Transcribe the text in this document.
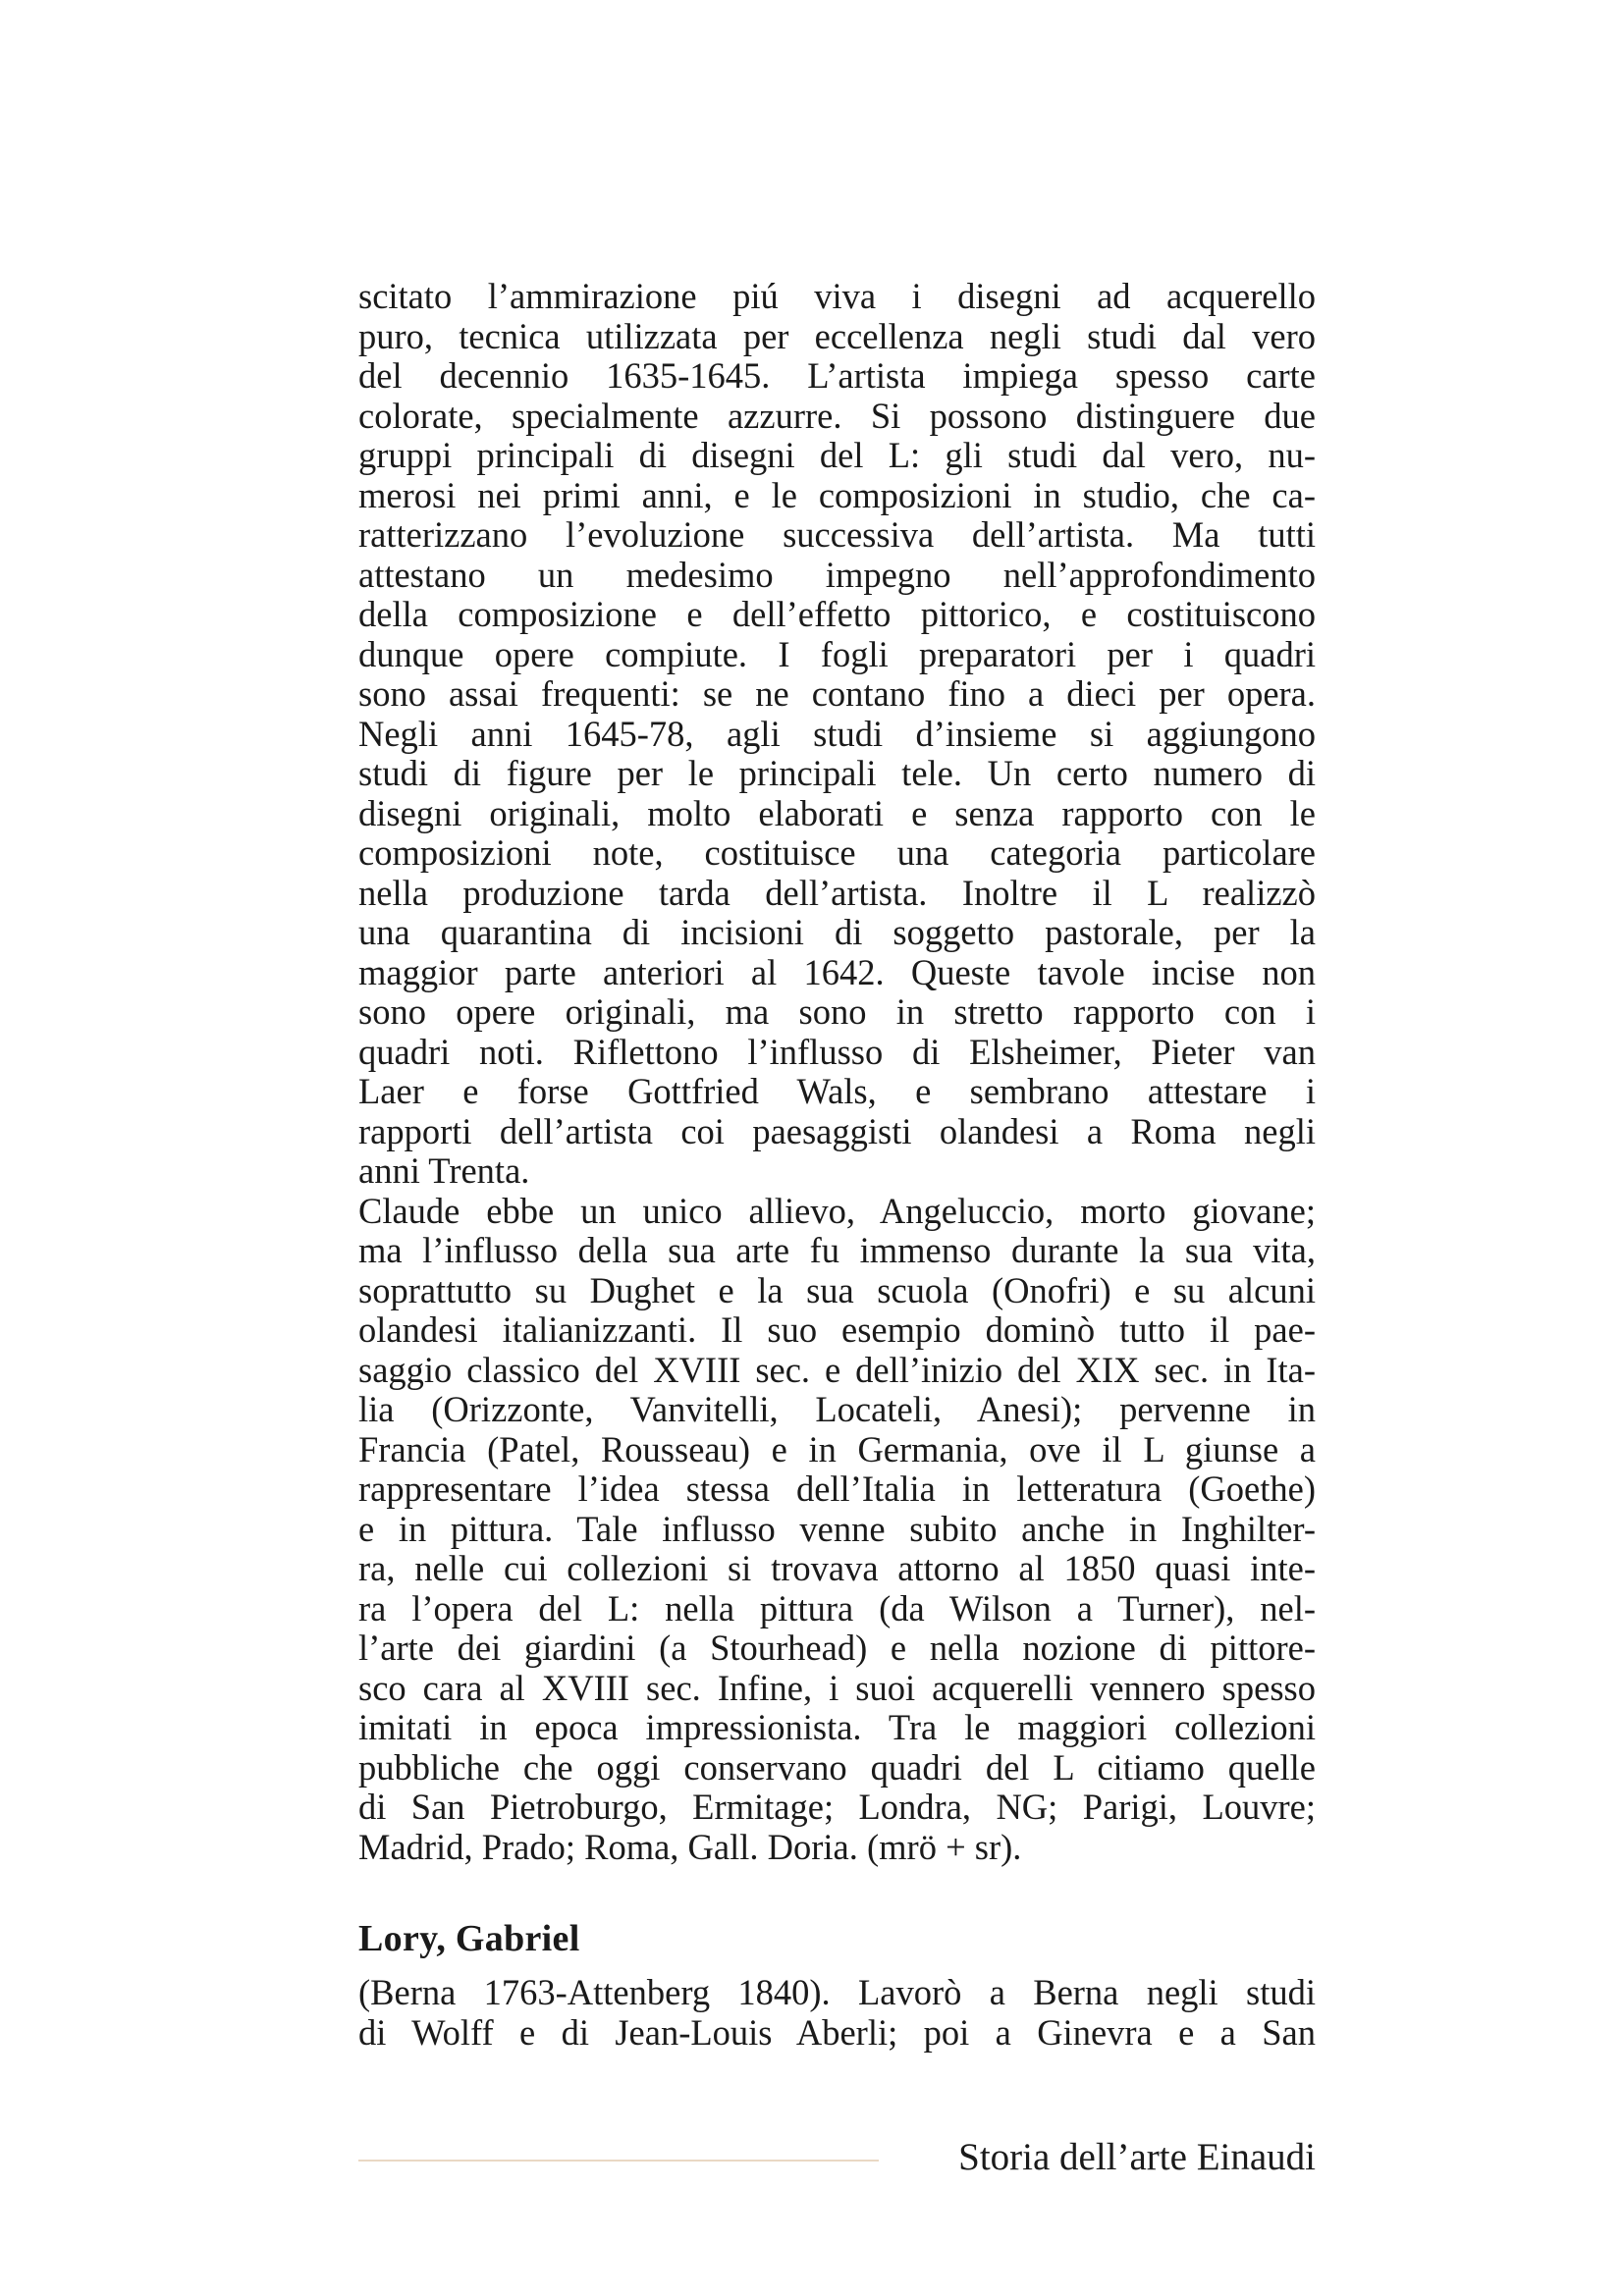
scitato l’ammirazione piú viva i disegni ad acquerello
puro, tecnica utilizzata per eccellenza negli studi dal vero
del decennio 1635-1645. L’artista impiega spesso carte
colorate, specialmente azzurre. Si possono distinguere due
gruppi principali di disegni del L: gli studi dal vero, nu-
merosi nei primi anni, e le composizioni in studio, che ca-
ratterizzano l’evoluzione successiva dell’artista. Ma tutti
attestano un medesimo impegno nell’approfondimento
della composizione e dell’effetto pittorico, e costituiscono
dunque opere compiute. I fogli preparatori per i quadri
sono assai frequenti: se ne contano fino a dieci per opera.
Negli anni 1645-78, agli studi d’insieme si aggiungono
studi di figure per le principali tele. Un certo numero di
disegni originali, molto elaborati e senza rapporto con le
composizioni note, costituisce una categoria particolare
nella produzione tarda dell’artista. Inoltre il L realizzò
una quarantina di incisioni di soggetto pastorale, per la
maggior parte anteriori al 1642. Queste tavole incise non
sono opere originali, ma sono in stretto rapporto con i
quadri noti. Riflettono l’influsso di Elsheimer, Pieter van
Laer e forse Gottfried Wals, e sembrano attestare i
rapporti dell’artista coi paesaggisti olandesi a Roma negli
anni Trenta.
Claude ebbe un unico allievo, Angeluccio, morto giovane;
ma l’influsso della sua arte fu immenso durante la sua vita,
soprattutto su Dughet e la sua scuola (Onofri) e su alcuni
olandesi italianizzanti. Il suo esempio dominò tutto il pae-
saggio classico del XVIII sec. e dell’inizio del XIX sec. in Ita-
lia (Orizzonte, Vanvitelli, Locateli, Anesi); pervenne in
Francia (Patel, Rousseau) e in Germania, ove il L giunse a
rappresentare l’idea stessa dell’Italia in letteratura (Goethe)
e in pittura. Tale influsso venne subito anche in Inghilter-
ra, nelle cui collezioni si trovava attorno al 1850 quasi inte-
ra l’opera del L: nella pittura (da Wilson a Turner), nel-
l’arte dei giardini (a Stourhead) e nella nozione di pittore-
sco cara al XVIII sec. Infine, i suoi acquerelli vennero spesso
imitati in epoca impressionista. Tra le maggiori collezioni
pubbliche che oggi conservano quadri del L citiamo quelle
di San Pietroburgo, Ermitage; Londra, NG; Parigi, Louvre;
Madrid, Prado; Roma, Gall. Doria. (mrö + sr).
Lory, Gabriel
(Berna 1763-Attenberg 1840). Lavorò a Berna negli studi
di Wolff e di Jean-Louis Aberli; poi a Ginevra e a San
Storia dell’arte Einaudi
